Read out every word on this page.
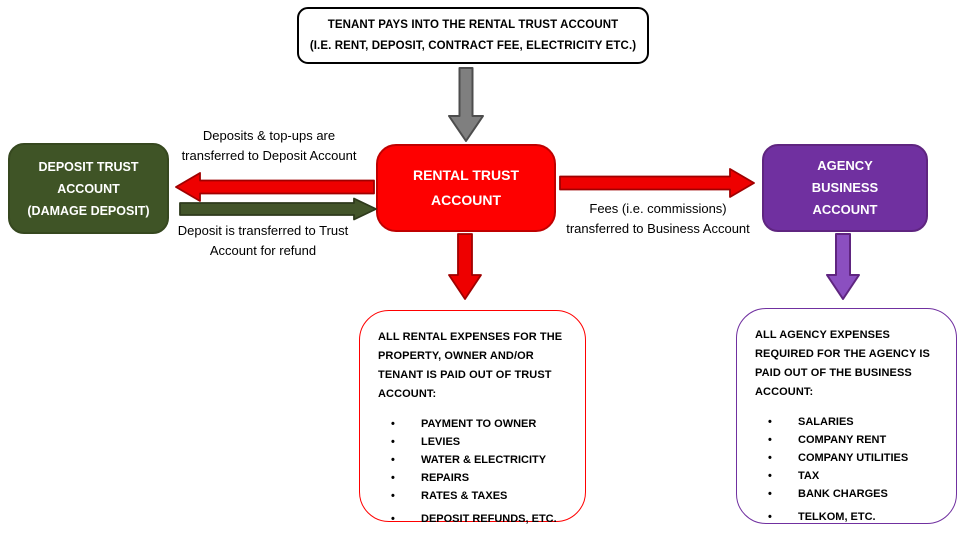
TENANT PAYS INTO THE RENTAL TRUST ACCOUNT
(I.E. RENT, DEPOSIT, CONTRACT FEE, ELECTRICITY ETC.)
DEPOSIT TRUST
ACCOUNT
(DAMAGE DEPOSIT)
RENTAL TRUST
ACCOUNT
AGENCY
BUSINESS
ACCOUNT
Deposits & top-ups are
transferred to Deposit Account
Deposit is transferred to Trust
Account for refund
Fees (i.e. commissions)
transferred to Business Account
ALL RENTAL EXPENSES FOR THE PROPERTY, OWNER AND/OR TENANT IS PAID OUT OF TRUST ACCOUNT:
•	PAYMENT TO OWNER
•	LEVIES
•	WATER & ELECTRICITY
•	REPAIRS
•	RATES & TAXES
•	DEPOSIT REFUNDS, ETC.
ALL AGENCY EXPENSES REQUIRED FOR THE AGENCY IS PAID OUT OF THE BUSINESS ACCOUNT:
•	SALARIES
•	COMPANY RENT
•	COMPANY UTILITIES
•	TAX
•	BANK CHARGES
•	TELKOM, ETC.
